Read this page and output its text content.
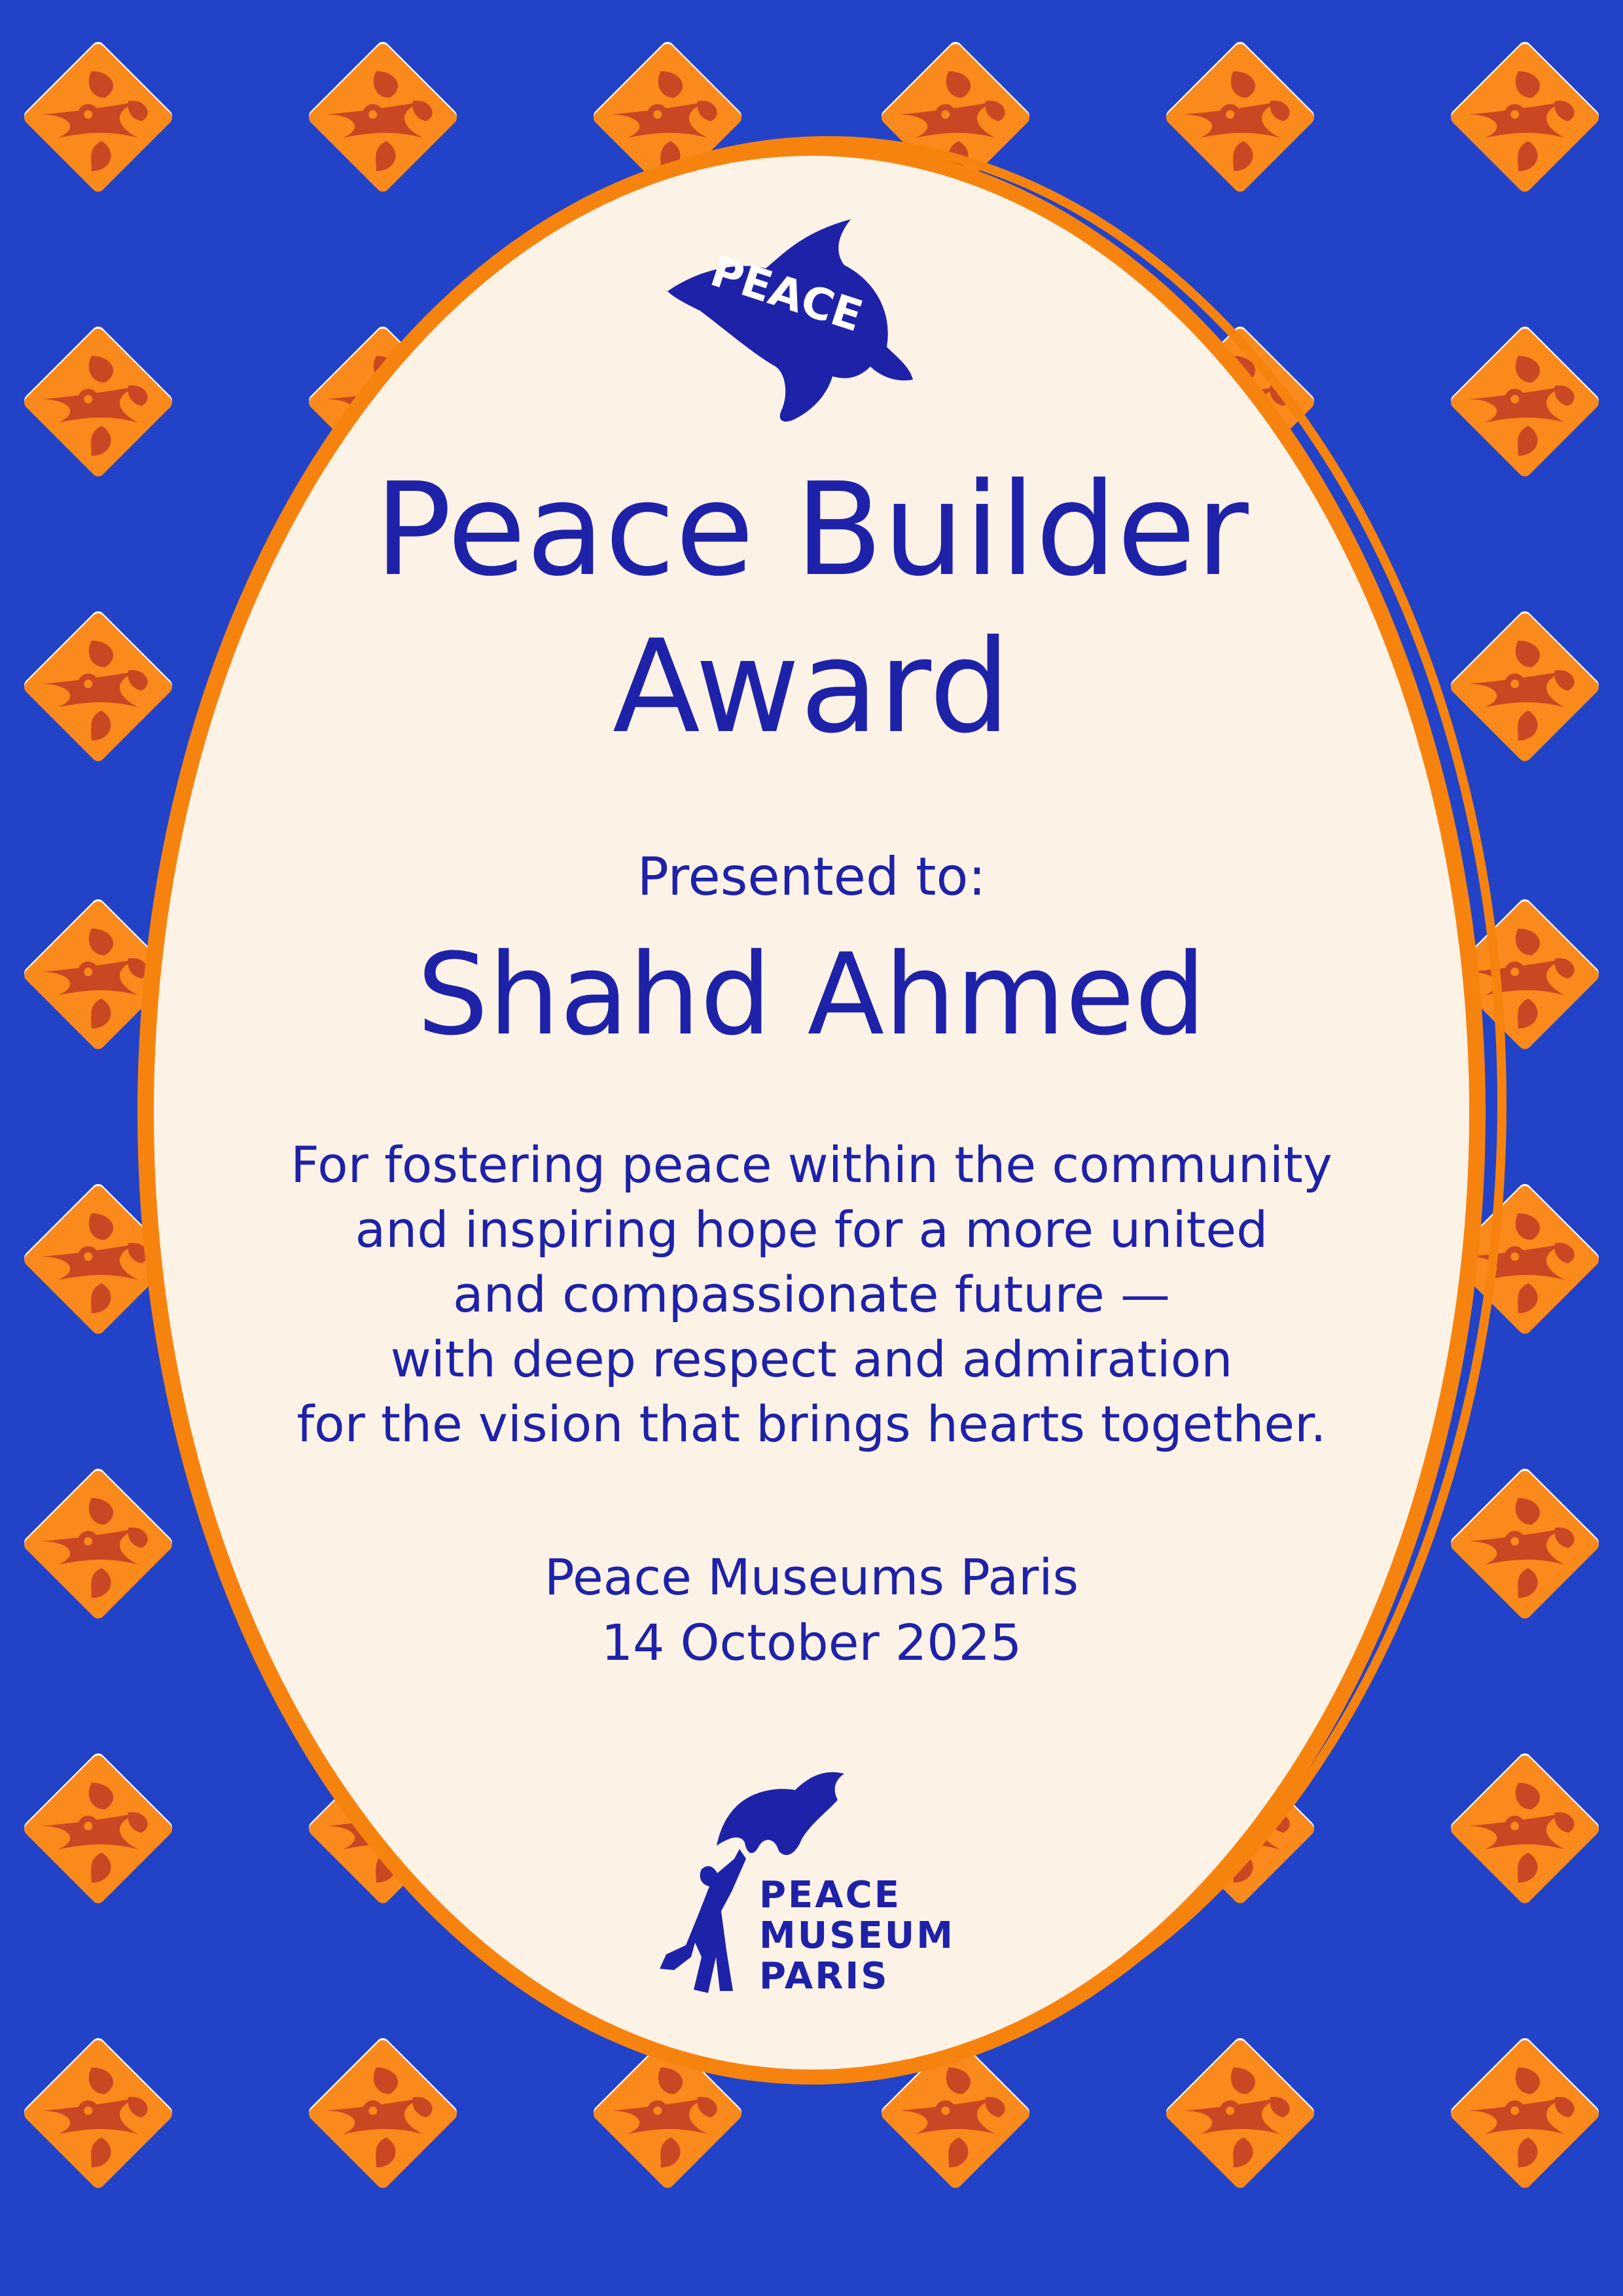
PEACE
Peace Builder
Award

Presented to:

Shahd Ahmed

For fostering peace within the community
and inspiring hope for a more united
and compassionate future —
with deep respect and admiration
for the vision that brings hearts together.

Peace Museums Paris

14 October 2025

PEACE
MUSEUM
PARIS
